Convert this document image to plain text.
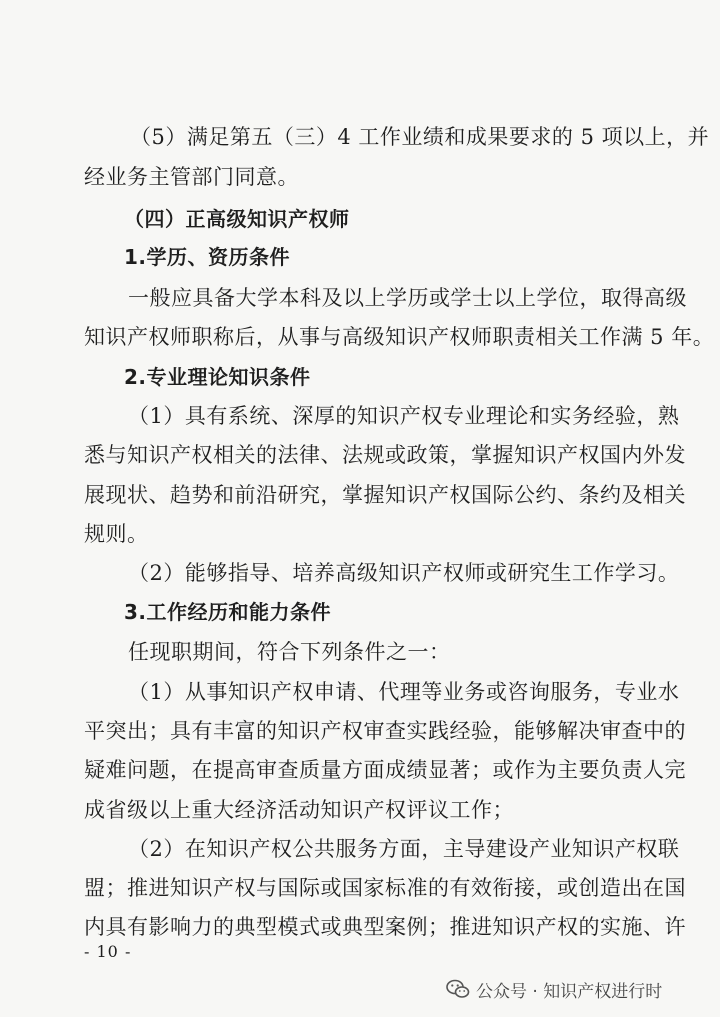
（5）满足第五（三）4 工作业绩和成果要求的 5 项以上，并
经业务主管部门同意。
（四）正高级知识产权师
1.学历、资历条件
一般应具备大学本科及以上学历或学士以上学位，取得高级
知识产权师职称后，从事与高级知识产权师职责相关工作满 5 年。
2.专业理论知识条件
（1）具有系统、深厚的知识产权专业理论和实务经验，熟
悉与知识产权相关的法律、法规或政策，掌握知识产权国内外发
展现状、趋势和前沿研究，掌握知识产权国际公约、条约及相关
规则。
（2）能够指导、培养高级知识产权师或研究生工作学习。
3.工作经历和能力条件
任现职期间，符合下列条件之一：
（1）从事知识产权申请、代理等业务或咨询服务，专业水
平突出；具有丰富的知识产权审查实践经验，能够解决审查中的
疑难问题，在提高审查质量方面成绩显著；或作为主要负责人完
成省级以上重大经济活动知识产权评议工作；
（2）在知识产权公共服务方面，主导建设产业知识产权联
盟；推进知识产权与国际或国家标准的有效衔接，或创造出在国
内具有影响力的典型模式或典型案例；推进知识产权的实施、许
- 10 -
公众号 · 知识产权进行时
